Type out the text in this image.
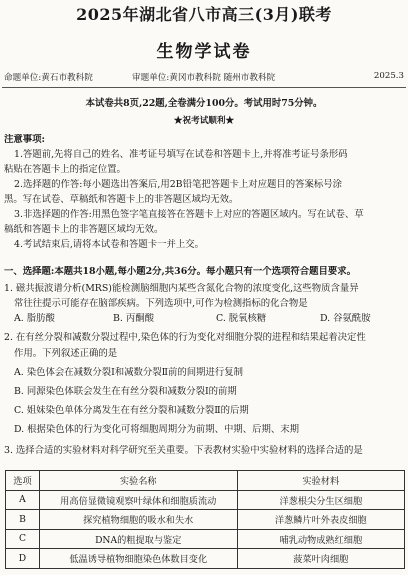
2025年湖北省八市高三(3月)联考
生物学试卷
命题单位:黄石市教科院	审题单位:黄冈市教科院 随州市教科院	2025.3
本试卷共8页,22题,全卷满分100分。考试用时75分钟。
★祝考试顺利★
注意事项:
1.答题前,先将自己的姓名、准考证号填写在试卷和答题卡上,并将准考证号条形码
粘贴在答题卡上的指定位置。
2.选择题的作答:每小题选出答案后,用2B铅笔把答题卡上对应题目的答案标号涂
黑。写在试卷、草稿纸和答题卡上的非答题区域均无效。
3.非选择题的作答:用黑色签字笔直接答在答题卡上对应的答题区域内。写在试卷、草
稿纸和答题卡上的非答题区域均无效。
4.考试结束后,请将本试卷和答题卡一并上交。
一、选择题:本题共18小题,每小题2分,共36分。每小题只有一个选项符合题目要求。
1. 磁共振波谱分析(MRS)能检测脑细胞内某些含氮化合物的浓度变化,这些物质含量异
常往往提示可能存在脑部疾病。下列选项中,可作为检测指标的化合物是
A. 脂肪酸	B. 丙酮酸	C. 脱氧核糖	D. 谷氨酰胺
2. 在有丝分裂和减数分裂过程中,染色体的行为变化对细胞分裂的进程和结果起着决定性
作用。下列叙述正确的是
A. 染色体会在减数分裂Ⅰ和减数分裂Ⅱ前的间期进行复制
B. 同源染色体联会发生在有丝分裂和减数分裂Ⅰ的前期
C. 姐妹染色单体分离发生在有丝分裂和减数分裂Ⅱ的后期
D. 根据染色体的行为变化可将细胞周期分为前期、中期、后期、末期
3. 选择合适的实验材料对科学研究至关重要。下表教材实验中实验材料的选择合适的是
选项	实验名称	实验材料
A	用高倍显微镜观察叶绿体和细胞质流动	洋葱根尖分生区细胞
B	探究植物细胞的吸水和失水	洋葱鳞片叶外表皮细胞
C	DNA的粗提取与鉴定	哺乳动物成熟红细胞
D	低温诱导植物细胞染色体数目变化	菠菜叶肉细胞
